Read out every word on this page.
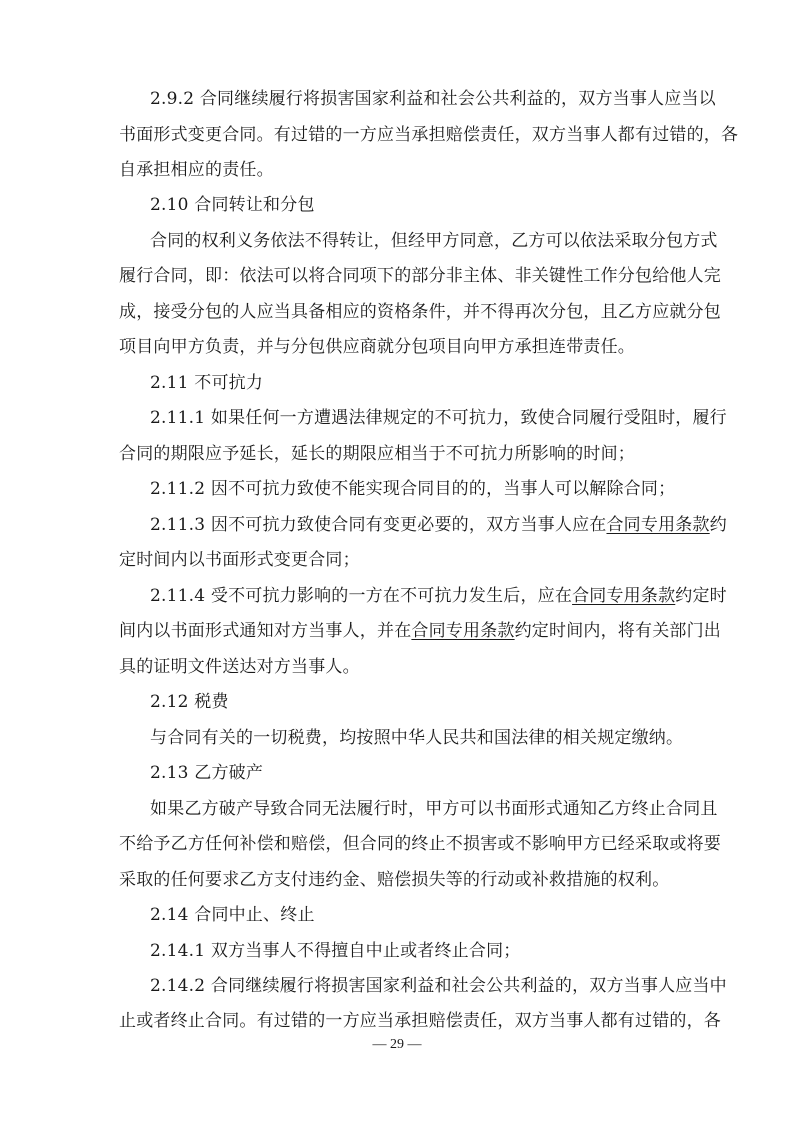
2.9.2 合同继续履行将损害国家利益和社会公共利益的，双方当事人应当以
书面形式变更合同。有过错的一方应当承担赔偿责任，双方当事人都有过错的，各
自承担相应的责任。
2.10 合同转让和分包
合同的权利义务依法不得转让，但经甲方同意，乙方可以依法采取分包方式
履行合同，即：依法可以将合同项下的部分非主体、非关键性工作分包给他人完
成，接受分包的人应当具备相应的资格条件，并不得再次分包，且乙方应就分包
项目向甲方负责，并与分包供应商就分包项目向甲方承担连带责任。
2.11 不可抗力
2.11.1 如果任何一方遭遇法律规定的不可抗力，致使合同履行受阻时，履行
合同的期限应予延长，延长的期限应相当于不可抗力所影响的时间；
2.11.2 因不可抗力致使不能实现合同目的的，当事人可以解除合同；
2.11.3 因不可抗力致使合同有变更必要的，双方当事人应在合同专用条款约
定时间内以书面形式变更合同；
2.11.4 受不可抗力影响的一方在不可抗力发生后，应在合同专用条款约定时
间内以书面形式通知对方当事人，并在合同专用条款约定时间内，将有关部门出
具的证明文件送达对方当事人。
2.12 税费
与合同有关的一切税费，均按照中华人民共和国法律的相关规定缴纳。
2.13 乙方破产
如果乙方破产导致合同无法履行时，甲方可以书面形式通知乙方终止合同且
不给予乙方任何补偿和赔偿，但合同的终止不损害或不影响甲方已经采取或将要
采取的任何要求乙方支付违约金、赔偿损失等的行动或补救措施的权利。
2.14 合同中止、终止
2.14.1 双方当事人不得擅自中止或者终止合同；
2.14.2 合同继续履行将损害国家利益和社会公共利益的，双方当事人应当中
止或者终止合同。有过错的一方应当承担赔偿责任，双方当事人都有过错的，各
— 29 —
